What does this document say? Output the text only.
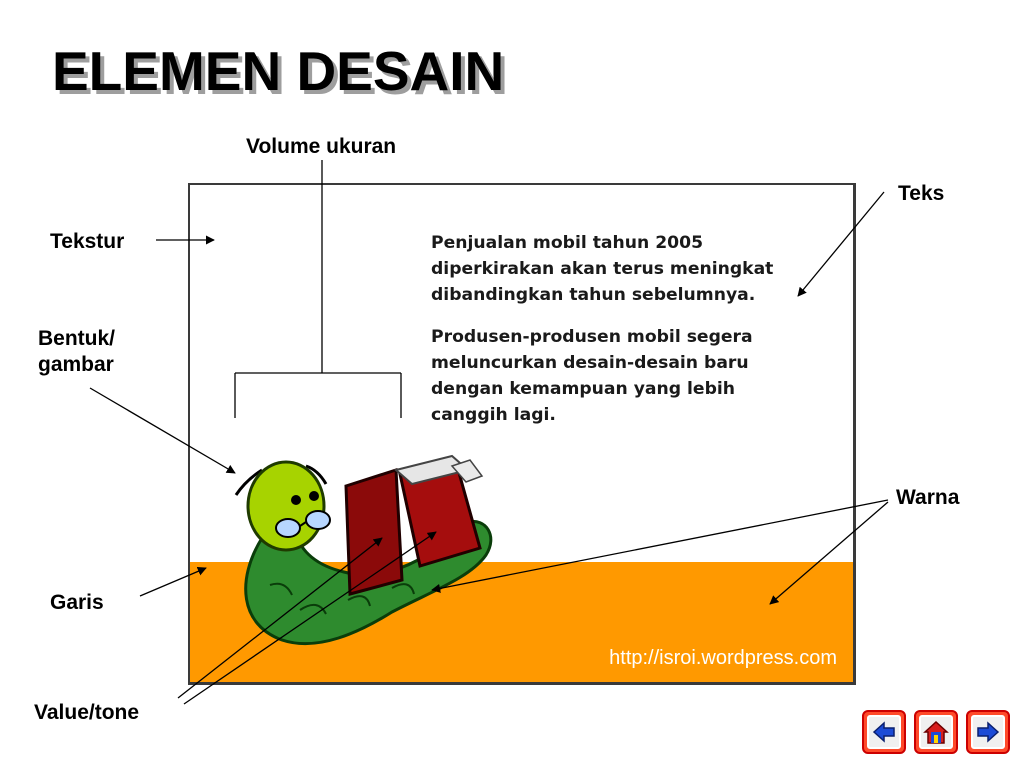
ELEMEN DESAIN
Volume ukuran
Tekstur
Bentuk/
gambar
Garis
Value/tone
Teks
Warna

Penjualan mobil tahun 2005
diperkirakan akan terus meningkat
dibandingkan tahun sebelumnya.

Produsen-produsen mobil segera
meluncurkan desain-desain baru
dengan kemampuan yang lebih
canggih lagi.

http://isroi.wordpress.com
